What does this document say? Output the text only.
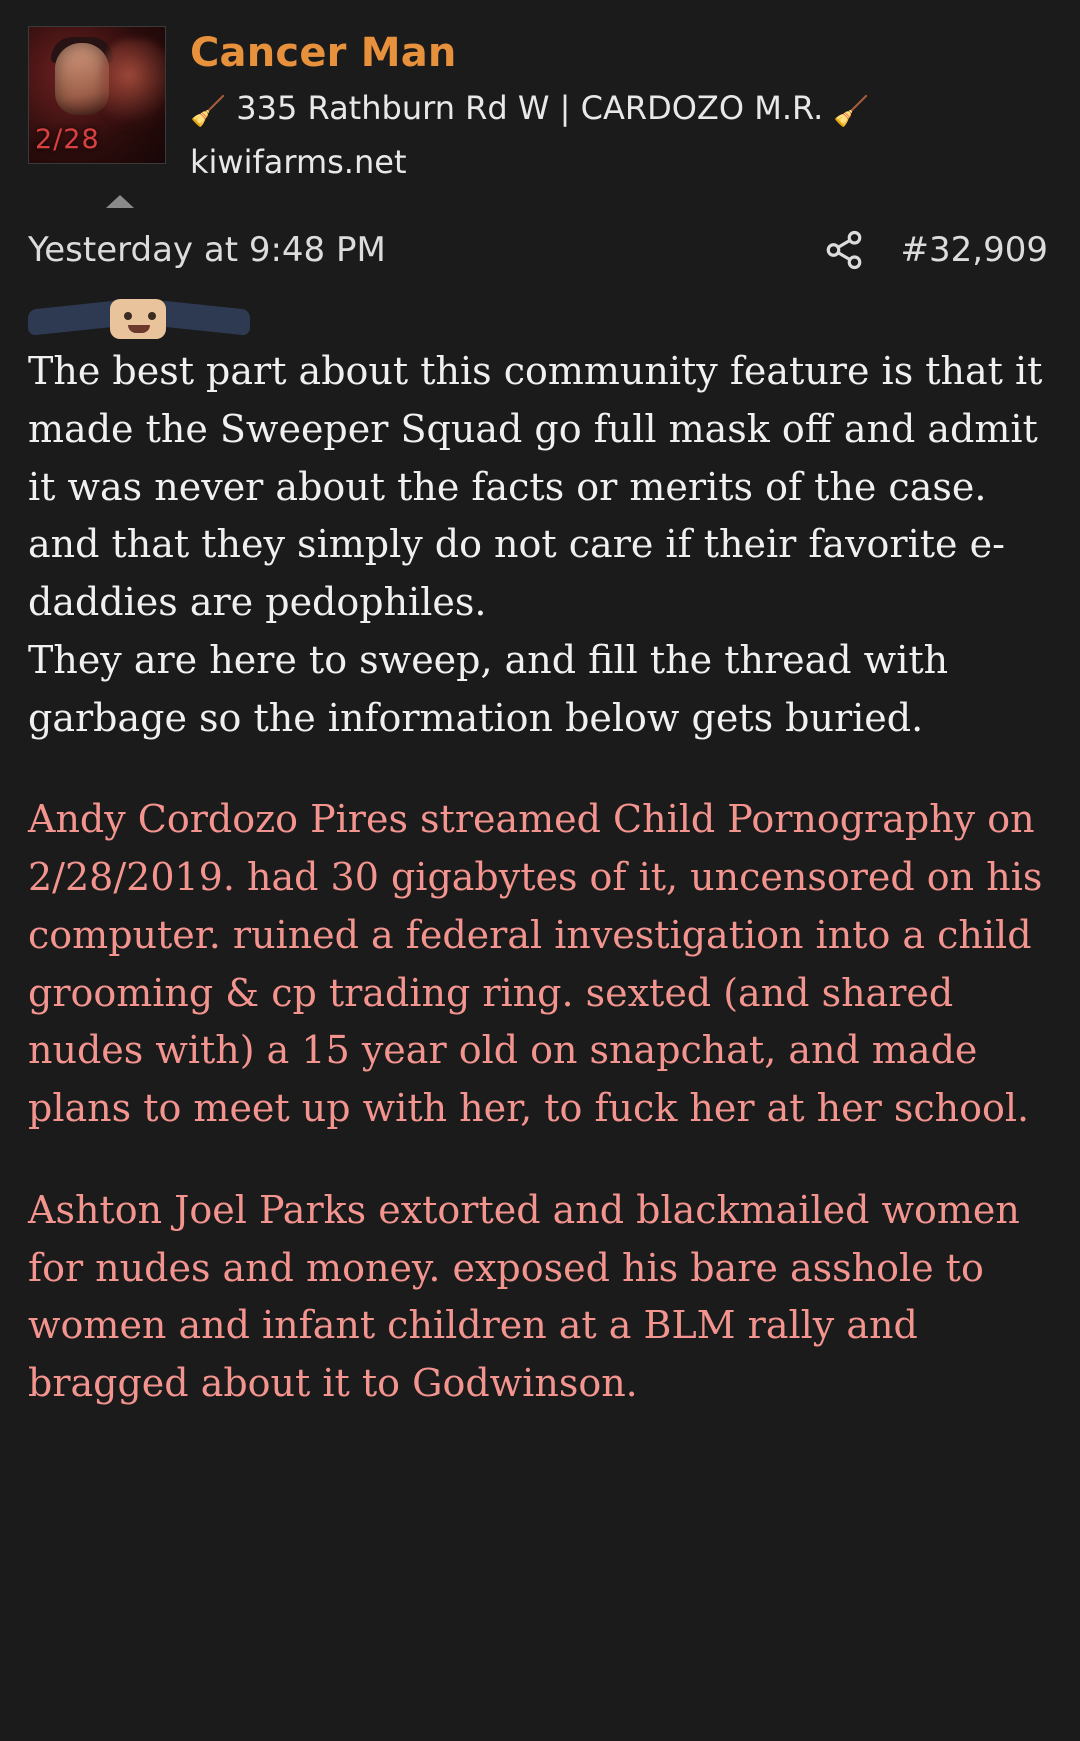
2/28
Cancer Man
🧹 335 Rathburn Rd W | CARDOZO M.R. 🧹
kiwifarms.net
Yesterday at 9:48 PM	#32,909

The best part about this community feature is that it made the Sweeper Squad go full mask off and admit it was never about the facts or merits of the case. and that they simply do not care if their favorite e-daddies are pedophiles.

They are here to sweep, and fill the thread with garbage so the information below gets buried.

Andy Cordozo Pires streamed Child Pornography on 2/28/2019. had 30 gigabytes of it, uncensored on his computer. ruined a federal investigation into a child grooming & cp trading ring. sexted (and shared nudes with) a 15 year old on snapchat, and made plans to meet up with her, to fuck her at her school.

Ashton Joel Parks extorted and blackmailed women for nudes and money. exposed his bare asshole to women and infant children at a BLM rally and bragged about it to Godwinson.
